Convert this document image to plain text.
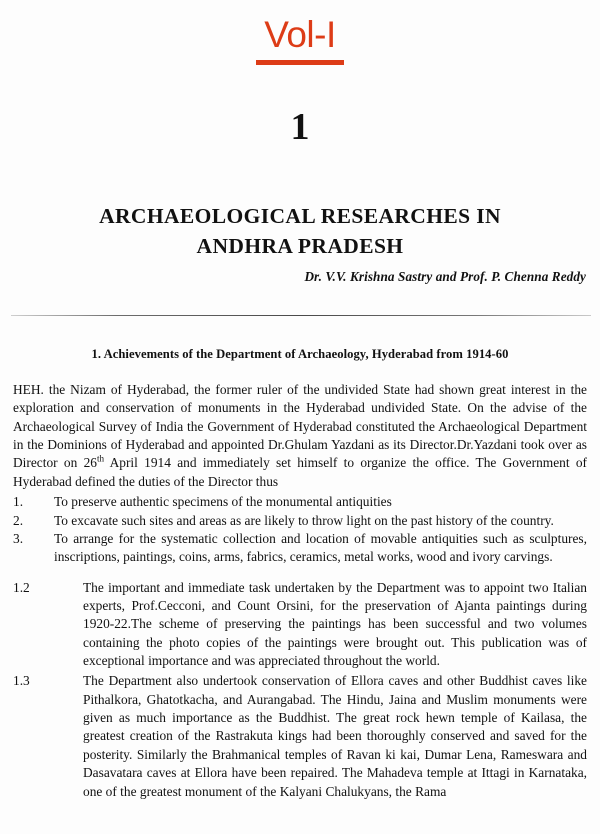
Vol-I
1
ARCHAEOLOGICAL RESEARCHES IN
ANDHRA PRADESH
Dr. V.V. Krishna Sastry and Prof. P. Chenna Reddy
1. Achievements of the Department of Archaeology, Hyderabad from 1914-60

HEH. the Nizam of Hyderabad, the former ruler of the undivided State had shown great interest in the exploration and conservation of monuments in the Hyderabad undivided State. On the advise of the Archaeological Survey of India the Government of Hyderabad constituted the Archaeological Department in the Dominions of Hyderabad and appointed Dr.Ghulam Yazdani as its Director.Dr.Yazdani took over as Director on 26th April 1914 and immediately set himself to organize the office. The Government of Hyderabad defined the duties of the Director thus

1.	To preserve authentic specimens of the monumental antiquities
2.	To excavate such sites and areas as are likely to throw light on the past history of the country.
3.	To arrange for the systematic collection and location of movable antiquities such as sculptures, inscriptions, paintings, coins, arms, fabrics, ceramics, metal works, wood and ivory carvings.
1.2	The important and immediate task undertaken by the Department was to appoint two Italian experts, Prof.Cecconi, and Count Orsini, for the preservation of Ajanta paintings during 1920-22.The scheme of preserving the paintings has been successful and two volumes containing the photo copies of the paintings were brought out. This publication was of exceptional importance and was appreciated throughout the world.
1.3	The Department also undertook conservation of Ellora caves and other Buddhist caves like Pithalkora, Ghatotkacha, and Aurangabad. The Hindu, Jaina and Muslim monuments were given as much importance as the Buddhist. The great rock hewn temple of Kailasa, the greatest creation of the Rastrakuta kings had been thoroughly conserved and saved for the posterity. Similarly the Brahmanical temples of Ravan ki kai, Dumar Lena, Rameswara and Dasavatara caves at Ellora have been repaired. The Mahadeva temple at Ittagi in Karnataka, one of the greatest monument of the Kalyani Chalukyans, the Rama
